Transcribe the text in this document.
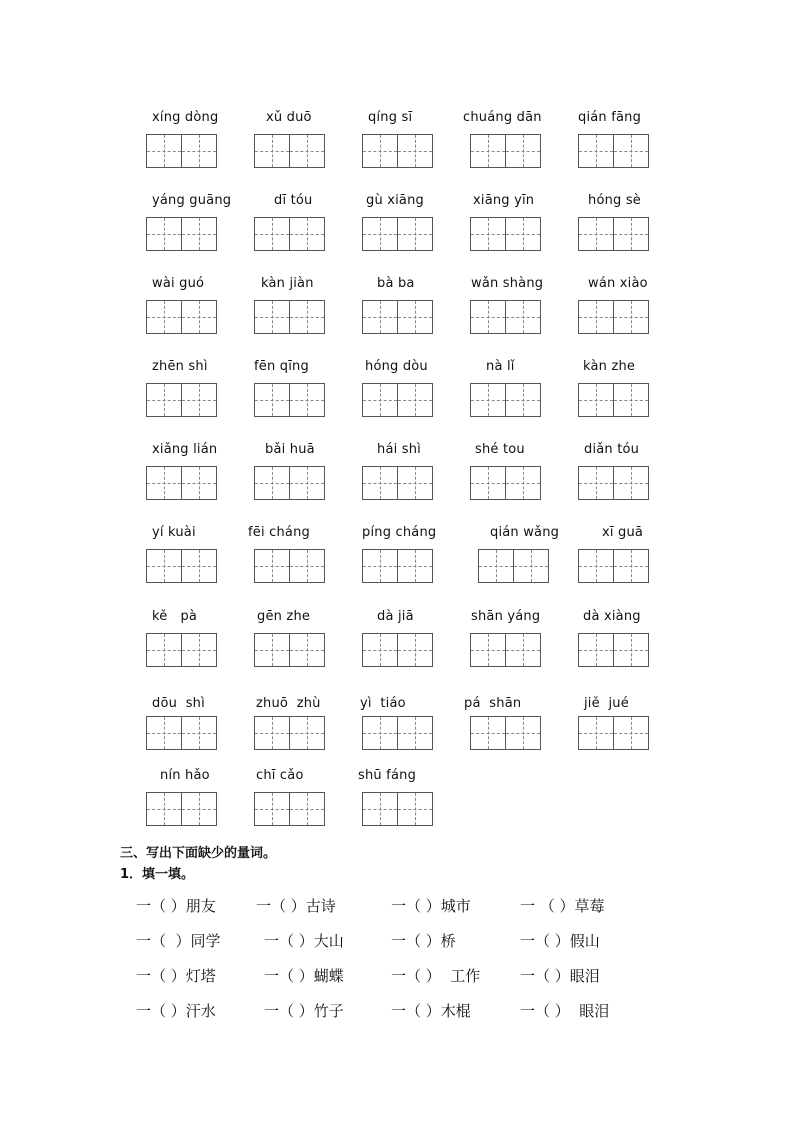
xíng dòng	xǔ duō	qíng sī	chuáng dān	qián fāng
yáng guāng	dī tóu	gù xiāng	xiāng yīn	hóng sè
wài guó	kàn jiàn	bà ba	wǎn shàng	wán xiào
zhēn shì	fēn qīng	hóng dòu	nà lǐ	kàn zhe
xiǎng lián	bǎi huā	hái shì	shé tou	diǎn tóu
yí kuài	fēi cháng	píng cháng	qián wǎng	xī guā
kě   pà	gēn zhe	dà jiā	shān yáng	dà xiàng
dōu  shì	zhuō  zhù	yì  tiáo	pá  shān	jiě  jué
nín hǎo	chī cǎo	shū fáng
三、写出下面缺少的量词。
1．填一填。
一（ ）朋友	一（ ）古诗	一（ ）城市	一 （ ）草莓
一（  ）同学	一（ ）大山	一（ ）桥	一（ ）假山
一（ ）灯塔	一（ ）蝴蝶	一（ ）  工作	一（ ）眼泪
一（ ）汗水	一（ ）竹子	一（ ）木棍	一（ ）  眼泪
